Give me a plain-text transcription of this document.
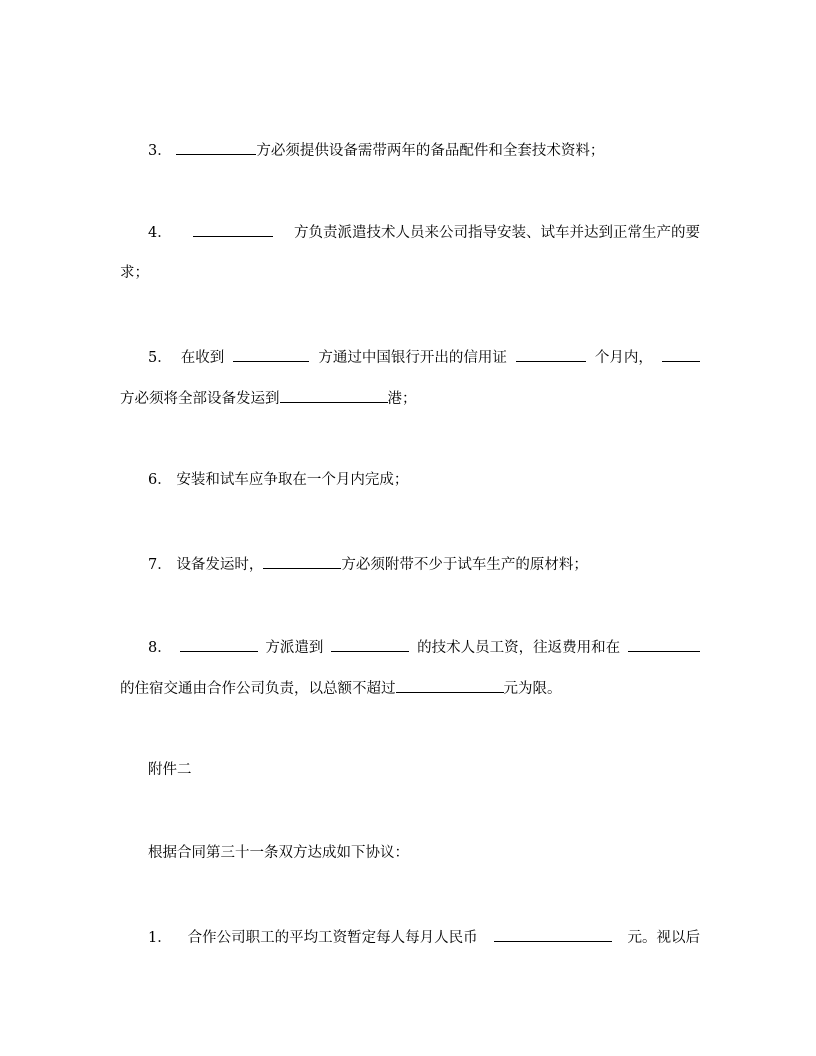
3．	方必须提供设备需带两年的备品配件和全套技术资料；
4．	方负责派遣技术人员来公司指导安装、试车并达到正常生产的要
求；
5． 在收到	方通过中国银行开出的信用证	个月内，
方必须将全部设备发运到	港；
6． 安装和试车应争取在一个月内完成；
7． 设备发运时，	方必须附带不少于试车生产的原材料；
8．	方派遣到	的技术人员工资，往返费用和在
的住宿交通由合作公司负责，以总额不超过	元为限。
附件二
根据合同第三十一条双方达成如下协议：
1． 合作公司职工的平均工资暂定每人每月人民币	元。视以后
